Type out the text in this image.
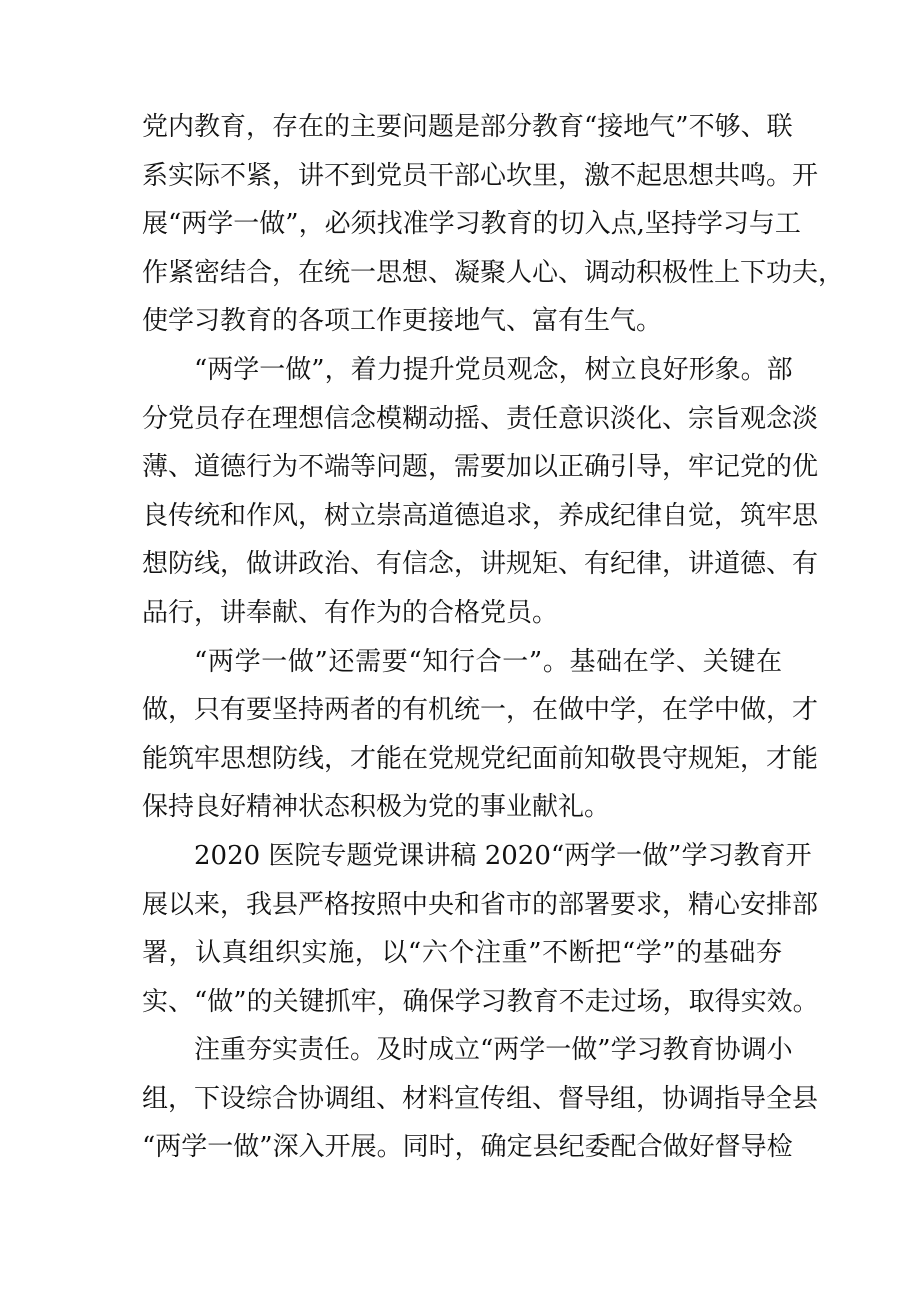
党内教育，存在的主要问题是部分教育“接地气”不够、联
系实际不紧，讲不到党员干部心坎里，激不起思想共鸣。开
展“两学一做”，必须找准学习教育的切入点,坚持学习与工
作紧密结合，在统一思想、凝聚人心、调动积极性上下功夫，
使学习教育的各项工作更接地气、富有生气。
“两学一做”，着力提升党员观念，树立良好形象。部
分党员存在理想信念模糊动摇、责任意识淡化、宗旨观念淡
薄、道德行为不端等问题，需要加以正确引导，牢记党的优
良传统和作风，树立崇高道德追求，养成纪律自觉，筑牢思
想防线，做讲政治、有信念，讲规矩、有纪律，讲道德、有
品行，讲奉献、有作为的合格党员。
“两学一做”还需要“知行合一”。基础在学、关键在
做，只有要坚持两者的有机统一，在做中学，在学中做，才
能筑牢思想防线，才能在党规党纪面前知敬畏守规矩，才能
保持良好精神状态积极为党的事业献礼。
2020 医院专题党课讲稿 2020“两学一做”学习教育开
展以来，我县严格按照中央和省市的部署要求，精心安排部
署，认真组织实施，以“六个注重”不断把“学”的基础夯
实、“做”的关键抓牢，确保学习教育不走过场，取得实效。
注重夯实责任。及时成立“两学一做”学习教育协调小
组，下设综合协调组、材料宣传组、督导组，协调指导全县
“两学一做”深入开展。同时，确定县纪委配合做好督导检
